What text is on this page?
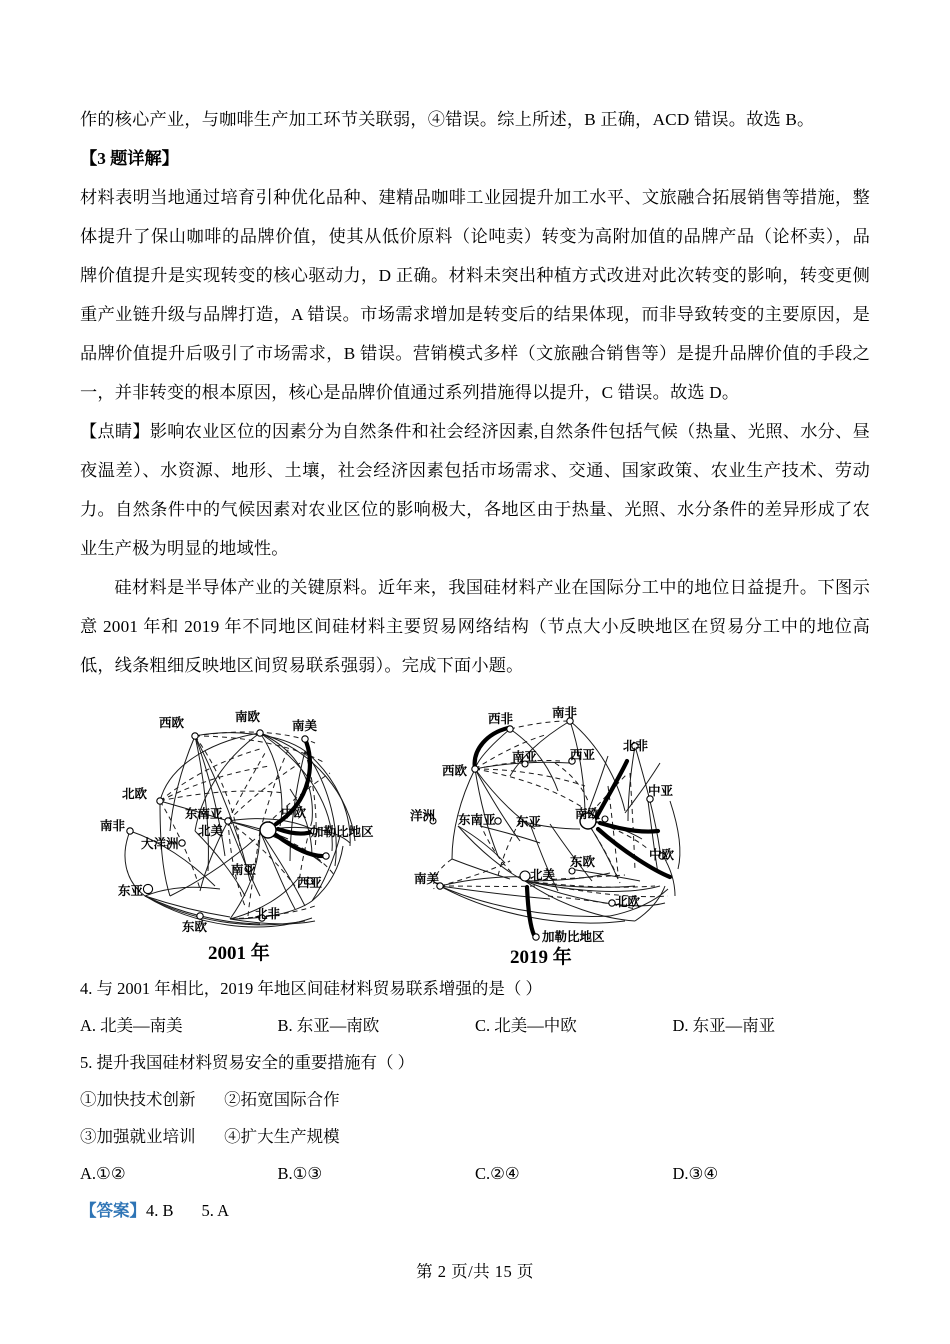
作的核心产业，与咖啡生产加工环节关联弱，④错误。综上所述，B 正确，ACD 错误。故选 B。

【3 题详解】

材料表明当地通过培育引种优化品种、建精品咖啡工业园提升加工水平、文旅融合拓展销售等措施，整体提升了保山咖啡的品牌价值，使其从低价原料（论吨卖）转变为高附加值的品牌产品（论杯卖），品牌价值提升是实现转变的核心驱动力，D 正确。材料未突出种植方式改进对此次转变的影响，转变更侧重产业链升级与品牌打造，A 错误。市场需求增加是转变后的结果体现，而非导致转变的主要原因，是品牌价值提升后吸引了市场需求，B 错误。营销模式多样（文旅融合销售等）是提升品牌价值的手段之一，并非转变的根本原因，核心是品牌价值通过系列措施得以提升，C 错误。故选 D。

【点睛】影响农业区位的因素分为自然条件和社会经济因素,自然条件包括气候（热量、光照、水分、昼夜温差）、水资源、地形、土壤，社会经济因素包括市场需求、交通、国家政策、农业生产技术、劳动力。自然条件中的气候因素对农业区位的影响极大，各地区由于热量、光照、水分条件的差异形成了农业生产极为明显的地域性。

硅材料是半导体产业的关键原料。近年来，我国硅材料产业在国际分工中的地位日益提升。下图示意 2001 年和 2019 年不同地区间硅材料主要贸易网络结构（节点大小反映地区在贸易分工中的地位高低，线条粗细反映地区间贸易联系强弱）。完成下面小题。

南欧
西欧	南美
北欧
东南亚
南非	北美
中欧
加勒比地区
大洋洲
南亚
西亚
东亚
东欧
北非
2001 年
西非	南非
北非
西欧
南亚	西亚
中亚
洋洲 东南亚 东亚
南欧
中欧
南美	北美
东欧
北欧
加勒比地区
2019 年

4. 与 2001 年相比，2019 年地区间硅材料贸易联系增强的是（ ）

A. 北美—南美	B. 东亚—南欧	C. 北美—中欧	D. 东亚—南亚

5. 提升我国硅材料贸易安全的重要措施有（ ）

①加快技术创新 ②拓宽国际合作

③加强就业培训 ④扩大生产规模

A.①②	B.①③	C.②④	D.③④

【答案】4. B 5. A

第 2 页/共 15 页
